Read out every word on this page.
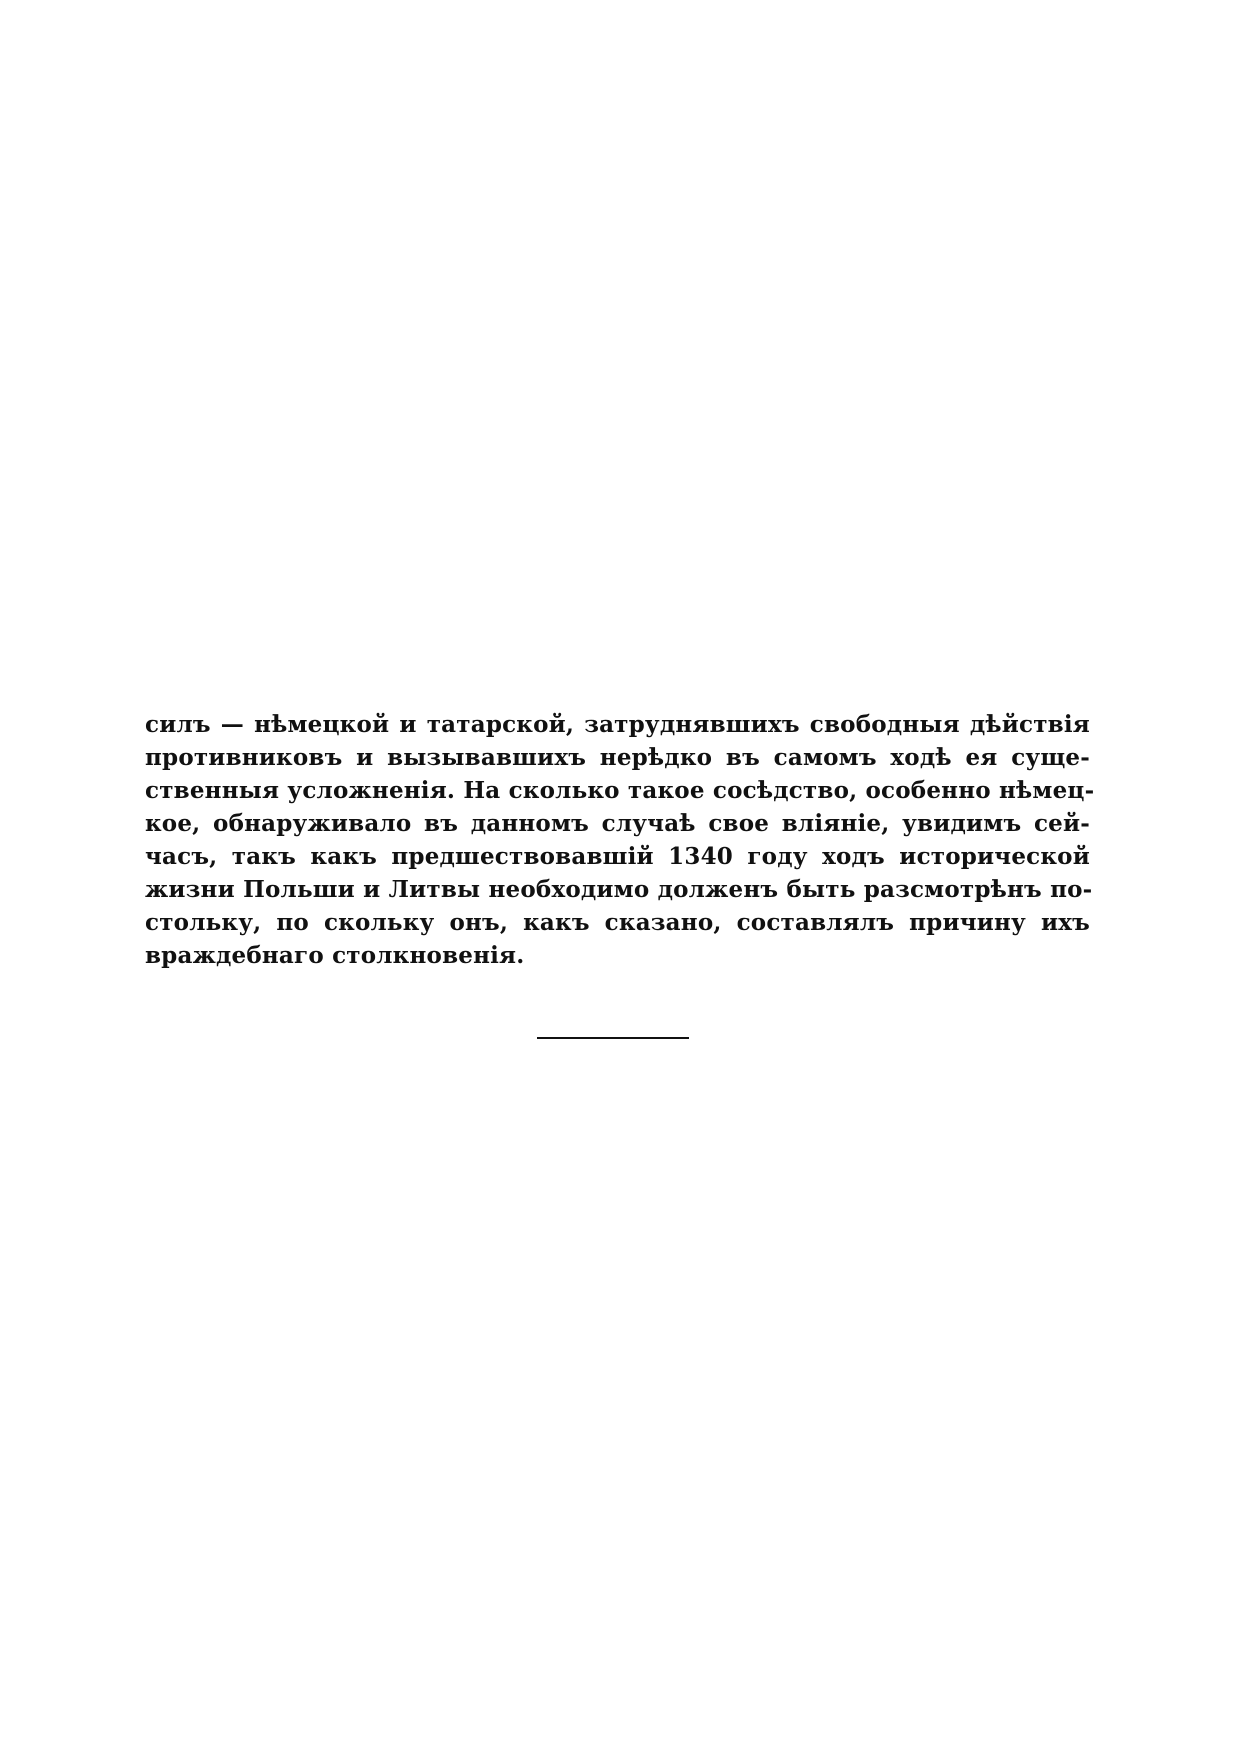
силъ — нѣмецкой и татарской, затруднявшихъ свободныя дѣйствія
противниковъ и вызывавшихъ нерѣдко въ самомъ ходѣ ея суще-
ственныя усложненія. На сколько такое сосѣдство, особенно нѣмец-
кое, обнаруживало въ данномъ случаѣ свое вліяніе, увидимъ сей-
часъ, такъ какъ предшествовавшій 1340 году ходъ исторической
жизни Польши и Литвы необходимо долженъ быть разсмотрѣнъ по-
стольку, по скольку онъ, какъ сказано, составлялъ причину ихъ
враждебнаго столкновенія.
